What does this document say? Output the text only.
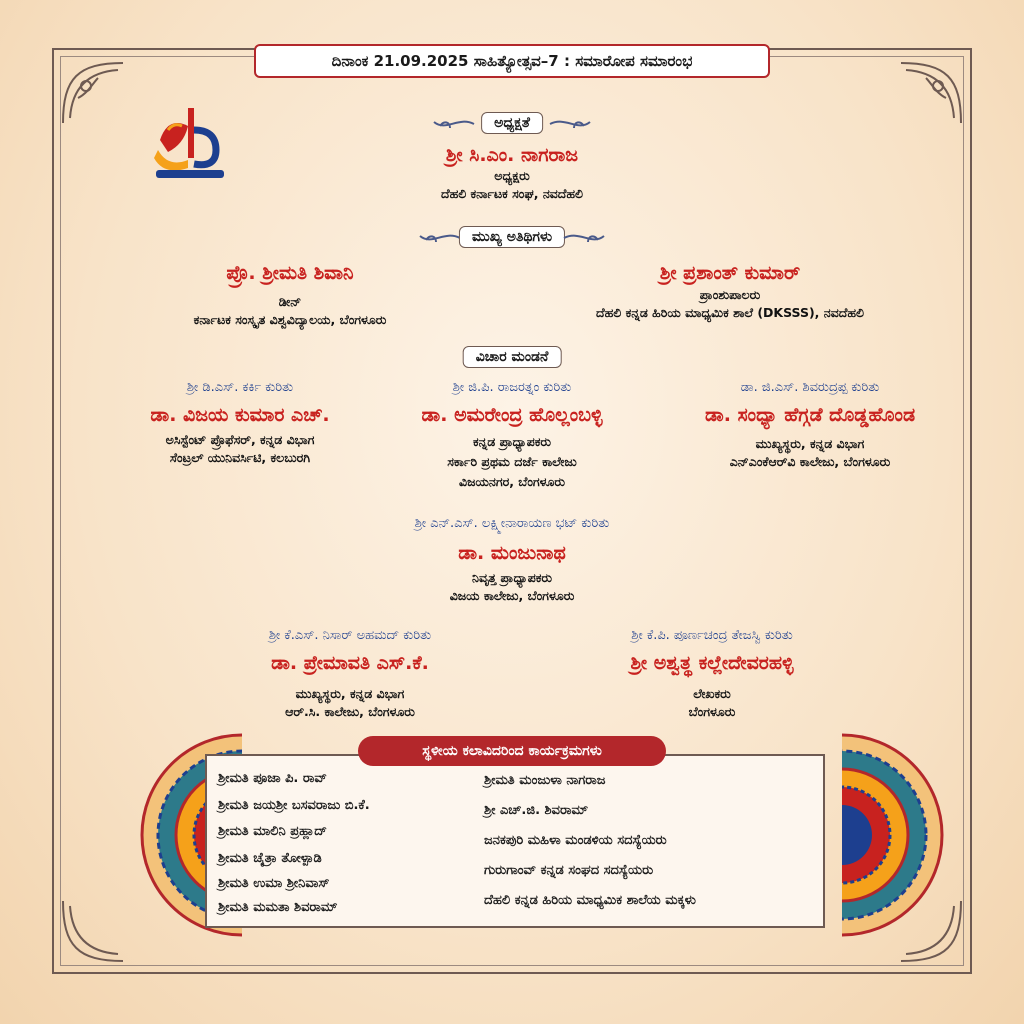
ದಿನಾಂಕ 21.09.2025 ಸಾಹಿತ್ಯೋತ್ಸವ–7 : ಸಮಾರೋಪ ಸಮಾರಂಭ
ಅಧ್ಯಕ್ಷತೆ
ಶ್ರೀ ಸಿ.ಎಂ. ನಾಗರಾಜ
ಅಧ್ಯಕ್ಷರು
ದೆಹಲಿ ಕರ್ನಾಟಕ ಸಂಘ, ನವದೆಹಲಿ
ಮುಖ್ಯ ಅತಿಥಿಗಳು
ಪ್ರೊ. ಶ್ರೀಮತಿ ಶಿವಾನಿ
ಡೀನ್
ಕರ್ನಾಟಕ ಸಂಸ್ಕೃತ ವಿಶ್ವವಿದ್ಯಾಲಯ, ಬೆಂಗಳೂರು
ಶ್ರೀ ಪ್ರಶಾಂತ್ ಕುಮಾರ್
ಪ್ರಾಂಶುಪಾಲರು
ದೆಹಲಿ ಕನ್ನಡ ಹಿರಿಯ ಮಾಧ್ಯಮಿಕ ಶಾಲೆ (DKSSS), ನವದೆಹಲಿ
ವಿಚಾರ ಮಂಡನೆ
ಶ್ರೀ ಡಿ.ಎಸ್. ಕರ್ಕಿ ಕುರಿತು
ಡಾ. ವಿಜಯ ಕುಮಾರ ಎಚ್.
ಅಸಿಸ್ಟೆಂಟ್ ಪ್ರೊಫೆಸರ್, ಕನ್ನಡ ವಿಭಾಗ
ಸೆಂಟ್ರಲ್ ಯುನಿವರ್ಸಿಟಿ, ಕಲಬುರಗಿ
ಶ್ರೀ ಜಿ.ಪಿ. ರಾಜರತ್ನಂ ಕುರಿತು
ಡಾ. ಅಮರೇಂದ್ರ ಹೊಲ್ಲಂಬಳ್ಳಿ
ಕನ್ನಡ ಪ್ರಾಧ್ಯಾಪಕರು
ಸರ್ಕಾರಿ ಪ್ರಥಮ ದರ್ಜೆ ಕಾಲೇಜು
ವಿಜಯನಗರ, ಬೆಂಗಳೂರು
ಡಾ. ಜಿ.ಎಸ್. ಶಿವರುದ್ರಪ್ಪ ಕುರಿತು
ಡಾ. ಸಂಧ್ಯಾ ಹೆಗ್ಗಡೆ ದೊಡ್ಡಹೊಂಡ
ಮುಖ್ಯಸ್ಥರು, ಕನ್ನಡ ವಿಭಾಗ
ಎನ್ಎಂಕೆಆರ್‌ವಿ ಕಾಲೇಜು, ಬೆಂಗಳೂರು
ಶ್ರೀ ಎನ್.ಎಸ್. ಲಕ್ಷ್ಮೀನಾರಾಯಣ ಭಟ್ ಕುರಿತು
ಡಾ. ಮಂಜುನಾಥ
ನಿವೃತ್ತ ಪ್ರಾಧ್ಯಾಪಕರು
ವಿಜಯ ಕಾಲೇಜು, ಬೆಂಗಳೂರು
ಶ್ರೀ ಕೆ.ಎಸ್. ನಿಸಾರ್ ಅಹಮದ್ ಕುರಿತು
ಡಾ. ಪ್ರೇಮಾವತಿ ಎಸ್.ಕೆ.
ಮುಖ್ಯಸ್ಥರು, ಕನ್ನಡ ವಿಭಾಗ
ಆರ್.ಸಿ. ಕಾಲೇಜು, ಬೆಂಗಳೂರು
ಶ್ರೀ ಕೆ.ಪಿ. ಪೂರ್ಣಚಂದ್ರ ತೇಜಸ್ವಿ ಕುರಿತು
ಶ್ರೀ ಅಶ್ವತ್ಥ ಕಲ್ಲೇದೇವರಹಳ್ಳಿ
ಲೇಖಕರು
ಬೆಂಗಳೂರು
ಸ್ಥಳೀಯ ಕಲಾವಿದರಿಂದ ಕಾರ್ಯಕ್ರಮಗಳು
ಶ್ರೀಮತಿ ಪೂಜಾ ಪಿ. ರಾವ್
ಶ್ರೀಮತಿ ಜಯಶ್ರೀ ಬಸವರಾಜು ಬಿ.ಕೆ.
ಶ್ರೀಮತಿ ಮಾಲಿನಿ ಪ್ರಹ್ಲಾದ್
ಶ್ರೀಮತಿ ಚೈತ್ರಾ ತೋಳ್ಪಾಡಿ
ಶ್ರೀಮತಿ ಉಮಾ ಶ್ರೀನಿವಾಸ್
ಶ್ರೀಮತಿ ಮಮತಾ ಶಿವರಾಮ್
ಶ್ರೀಮತಿ ಮಂಜುಳಾ ನಾಗರಾಜ
ಶ್ರೀ ಎಚ್.ಜಿ. ಶಿವರಾಮ್
ಜನಕಪುರಿ ಮಹಿಳಾ ಮಂಡಳಿಯ ಸದಸ್ಯೆಯರು
ಗುರುಗಾಂವ್ ಕನ್ನಡ ಸಂಘದ ಸದಸ್ಯೆಯರು
ದೆಹಲಿ ಕನ್ನಡ ಹಿರಿಯ ಮಾಧ್ಯಮಿಕ ಶಾಲೆಯ ಮಕ್ಕಳು
